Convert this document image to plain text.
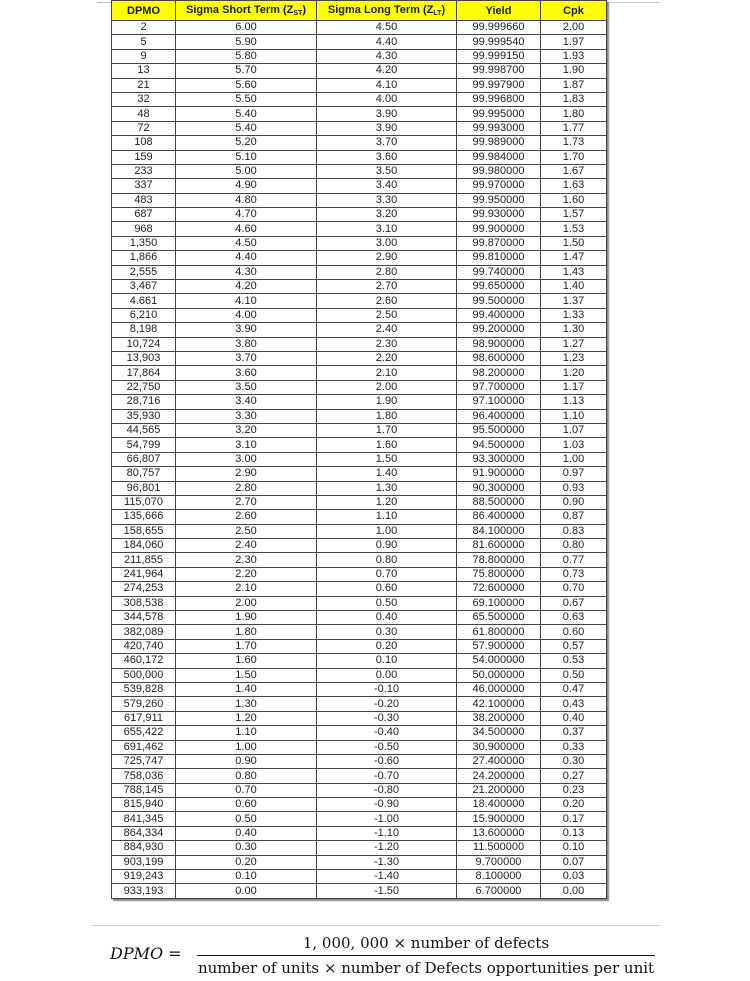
DPMO	Sigma Short Term $(Z_{ST})$	Sigma Long Term $(Z_{LT})$	Yield	Cpk
2	6.00	4.50	99.999660	2.00
5	5.90	4.40	99.999540	1.97
9	5.80	4.30	99.999150	1.93
13	5.70	4.20	99.998700	1.90
21	5.60	4.10	99.997900	1.87
32	5.50	4.00	99.996800	1.83
48	5.40	3.90	99.995000	1.80
72	5.40	3.90	99.993000	1.77
108	5.20	3.70	99.989000	1.73
159	5.10	3.60	99.984000	1.70
233	5.00	3.50	99.980000	1.67
337	4.90	3.40	99.970000	1.63
483	4.80	3.30	99.950000	1.60
687	4.70	3.20	99.930000	1.57
968	4.60	3.10	99.900000	1.53
1,350	4.50	3.00	99.870000	1.50
1,866	4.40	2.90	99.810000	1.47
2,555	4.30	2.80	99.740000	1.43
3,467	4.20	2.70	99.650000	1.40
4.661	4.10	2.60	99.500000	1.37
6,210	4.00	2.50	99.400000	1.33
8,198	3.90	2.40	99.200000	1.30
10,724	3.80	2.30	98.900000	1.27
13,903	3.70	2.20	98.600000	1.23
17,864	3.60	2.10	98.200000	1.20
22,750	3.50	2.00	97.700000	1.17
28,716	3.40	1.90	97.100000	1.13
35,930	3.30	1.80	96.400000	1.10
44,565	3.20	1.70	95.500000	1.07
54,799	3.10	1.60	94.500000	1.03
66,807	3.00	1.50	93.300000	1.00
80,757	2.90	1.40	91.900000	0.97
96,801	2.80	1.30	90.300000	0.93
115,070	2.70	1.20	88.500000	0.90
135,666	2.60	1.10	86.400000	0.87
158,655	2.50	1.00	84.100000	0.83
184,060	2.40	0.90	81.600000	0.80
211,855	2.30	0.80	78.800000	0.77
241,964	2.20	0.70	75.800000	0.73
274,253	2.10	0.60	72.600000	0.70
308,538	2.00	0.50	69.100000	0.67
344,578	1.90	0.40	65.500000	0.63
382,089	1.80	0.30	61.800000	0.60
420,740	1.70	0.20	57.900000	0.57
460,172	1.60	0.10	54.000000	0.53
500,000	1.50	0.00	50.000000	0.50
539,828	1.40	-0.10	46.000000	0.47
579,260	1.30	-0.20	42.100000	0.43
617,911	1.20	-0.30	38.200000	0.40
655,422	1.10	-0.40	34.500000	0.37
691,462	1.00	-0.50	30.900000	0.33
725,747	0.90	-0.60	27.400000	0.30
758,036	0.80	-0.70	24.200000	0.27
788,145	0.70	-0.80	21.200000	0.23
815,940	0.60	-0.90	18.400000	0.20
841,345	0.50	-1.00	15.900000	0.17
864,334	0.40	-1.10	13.600000	0.13
884,930	0.30	-1.20	11.500000	0.10
903,199	0.20	-1.30	9.700000	0.07
919,243	0.10	-1.40	8.100000	0.03
933,193	0.00	-1.50	6.700000	0.00
DPMO =
1, 000, 000 × number of defects
number of units × number of Defects opportunities per unit
